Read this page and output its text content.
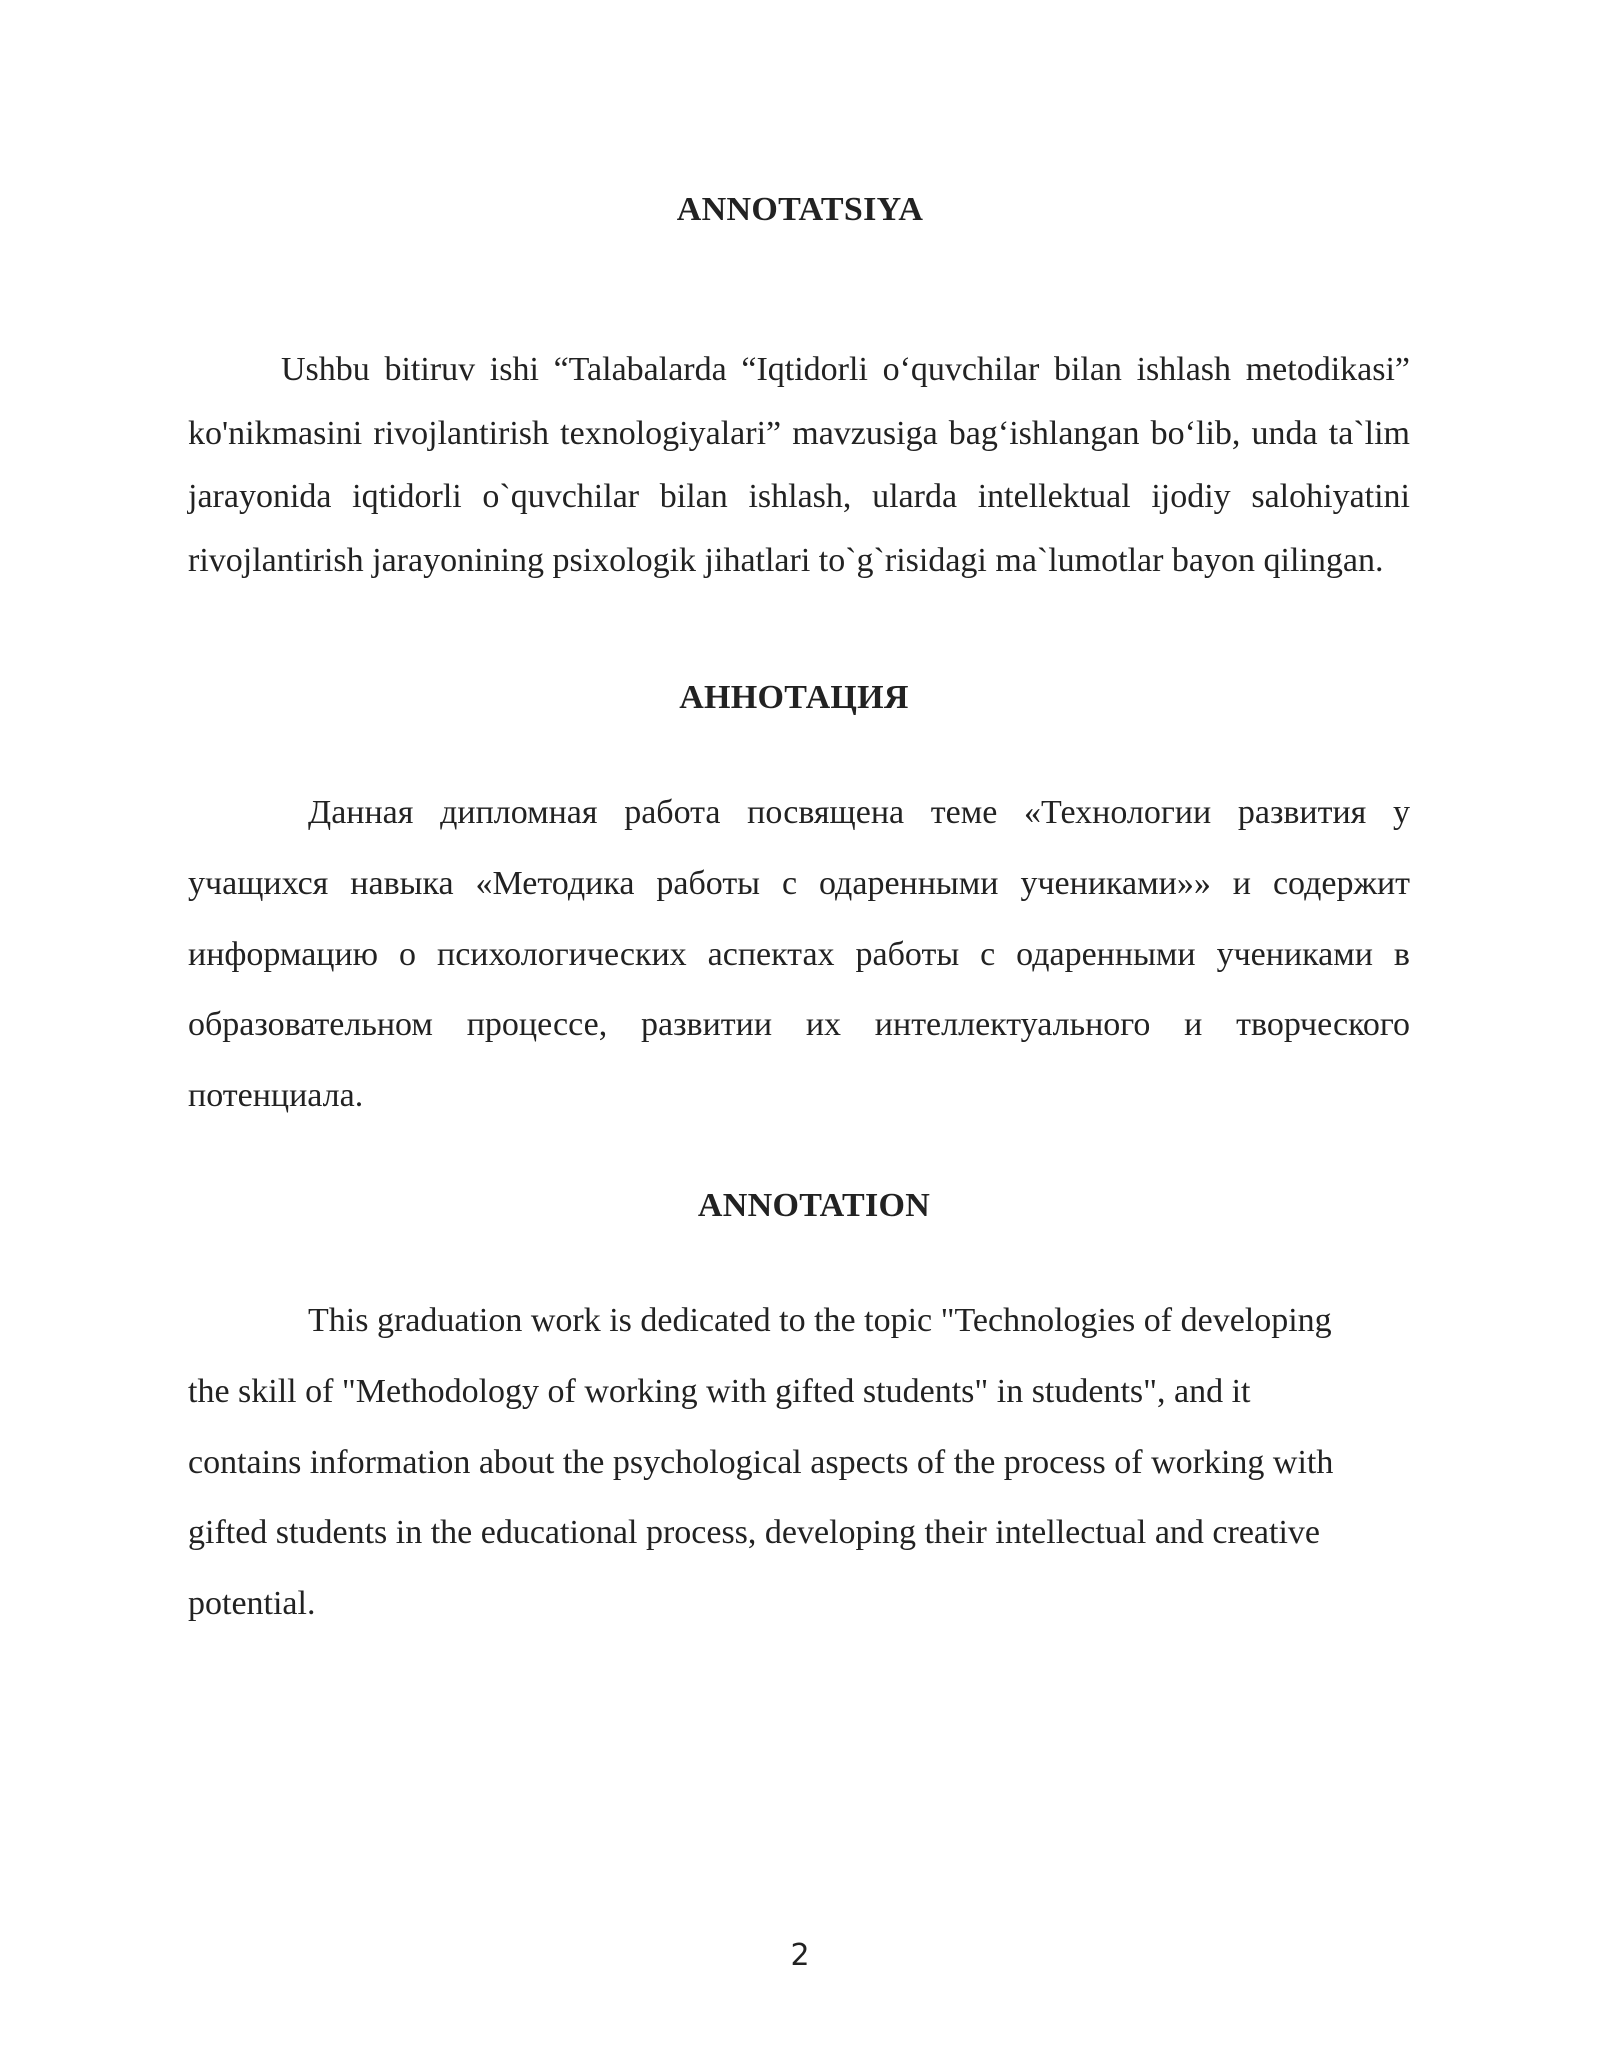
ANNOTATSIYA

Ushbu bitiruv ishi “Talabalarda “Iqtidorli o‘quvchilar bilan ishlash metodikasi” ko'nikmasini rivojlantirish texnologiyalari” mavzusiga bag‘ishlangan bo‘lib, unda ta`lim jarayonida iqtidorli o`quvchilar bilan ishlash, ularda intellektual ijodiy salohiyatini rivojlantirish jarayonining psixologik jihatlari to`g`risidagi ma`lumotlar bayon qilingan.

АННОТАЦИЯ

Данная дипломная работа посвящена теме «Технологии развития у учащихся навыка «Методика работы с одаренными учениками»» и содержит информацию о психологических аспектах работы с одаренными учениками в образовательном процессе, развитии их интеллектуального и творческого потенциала.

ANNOTATION

This graduation work is dedicated to the topic "Technologies of developing the skill of "Methodology of working with gifted students" in students", and it contains information about the psychological aspects of the process of working with gifted students in the educational process, developing their intellectual and creative potential.

2
